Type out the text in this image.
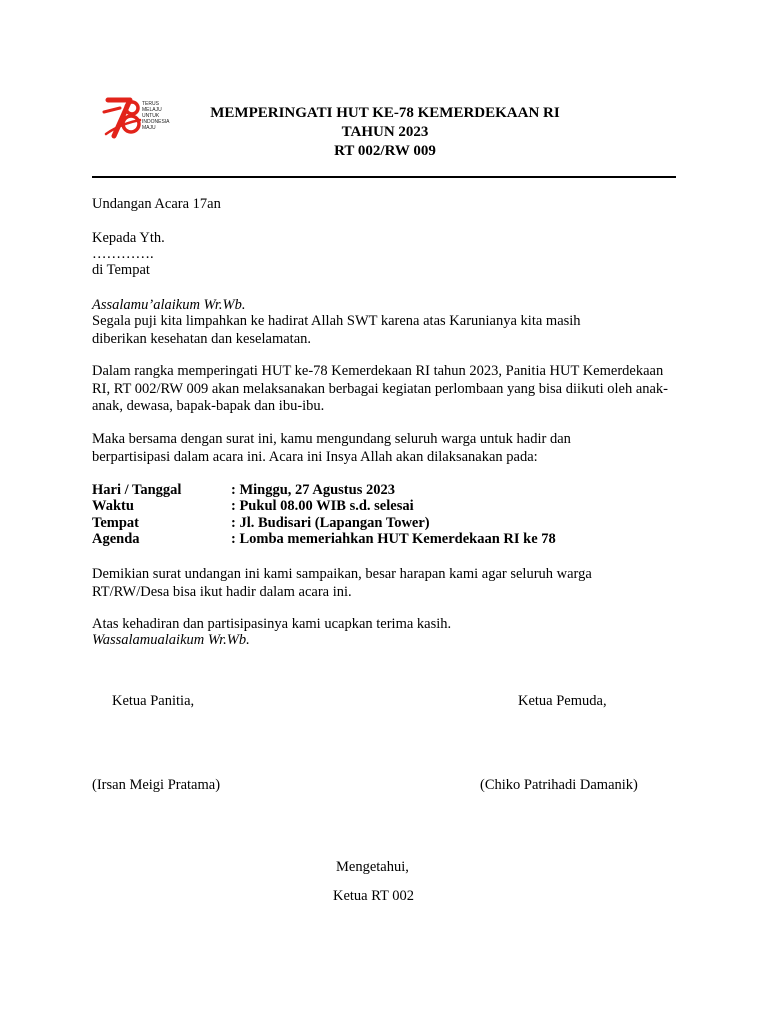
TERUS
MELAJU
UNTUK
INDONESIA
MAJU
MEMPERINGATI HUT KE-78 KEMERDEKAAN RI
TAHUN 2023
RT 002/RW 009
Undangan Acara 17an
Kepada Yth.
………….
di Tempat
Assalamu’alaikum Wr.Wb.
Segala puji kita limpahkan ke hadirat Allah SWT karena atas Karunianya kita masih diberikan kesehatan dan keselamatan.
Dalam rangka memperingati HUT ke-78 Kemerdekaan RI tahun 2023, Panitia HUT Kemerdekaan RI, RT 002/RW 009 akan melaksanakan berbagai kegiatan perlombaan yang bisa diikuti oleh anak-anak, dewasa, bapak-bapak dan ibu-ibu.
Maka bersama dengan surat ini, kamu mengundang seluruh warga untuk hadir dan berpartisipasi dalam acara ini. Acara ini Insya Allah akan dilaksanakan pada:
Hari / Tanggal	: Minggu, 27 Agustus 2023
Waktu	: Pukul 08.00 WIB s.d. selesai
Tempat	: Jl. Budisari (Lapangan Tower)
Agenda	: Lomba memeriahkan HUT Kemerdekaan RI ke 78
Demikian surat undangan ini kami sampaikan, besar harapan kami agar seluruh warga RT/RW/Desa bisa ikut hadir dalam acara ini.
Atas kehadiran dan partisipasinya kami ucapkan terima kasih.
Wassalamualaikum Wr.Wb.
Ketua Panitia,	Ketua Pemuda,
(Irsan Meigi Pratama)	(Chiko Patrihadi Damanik)
Mengetahui,
Ketua RT 002
